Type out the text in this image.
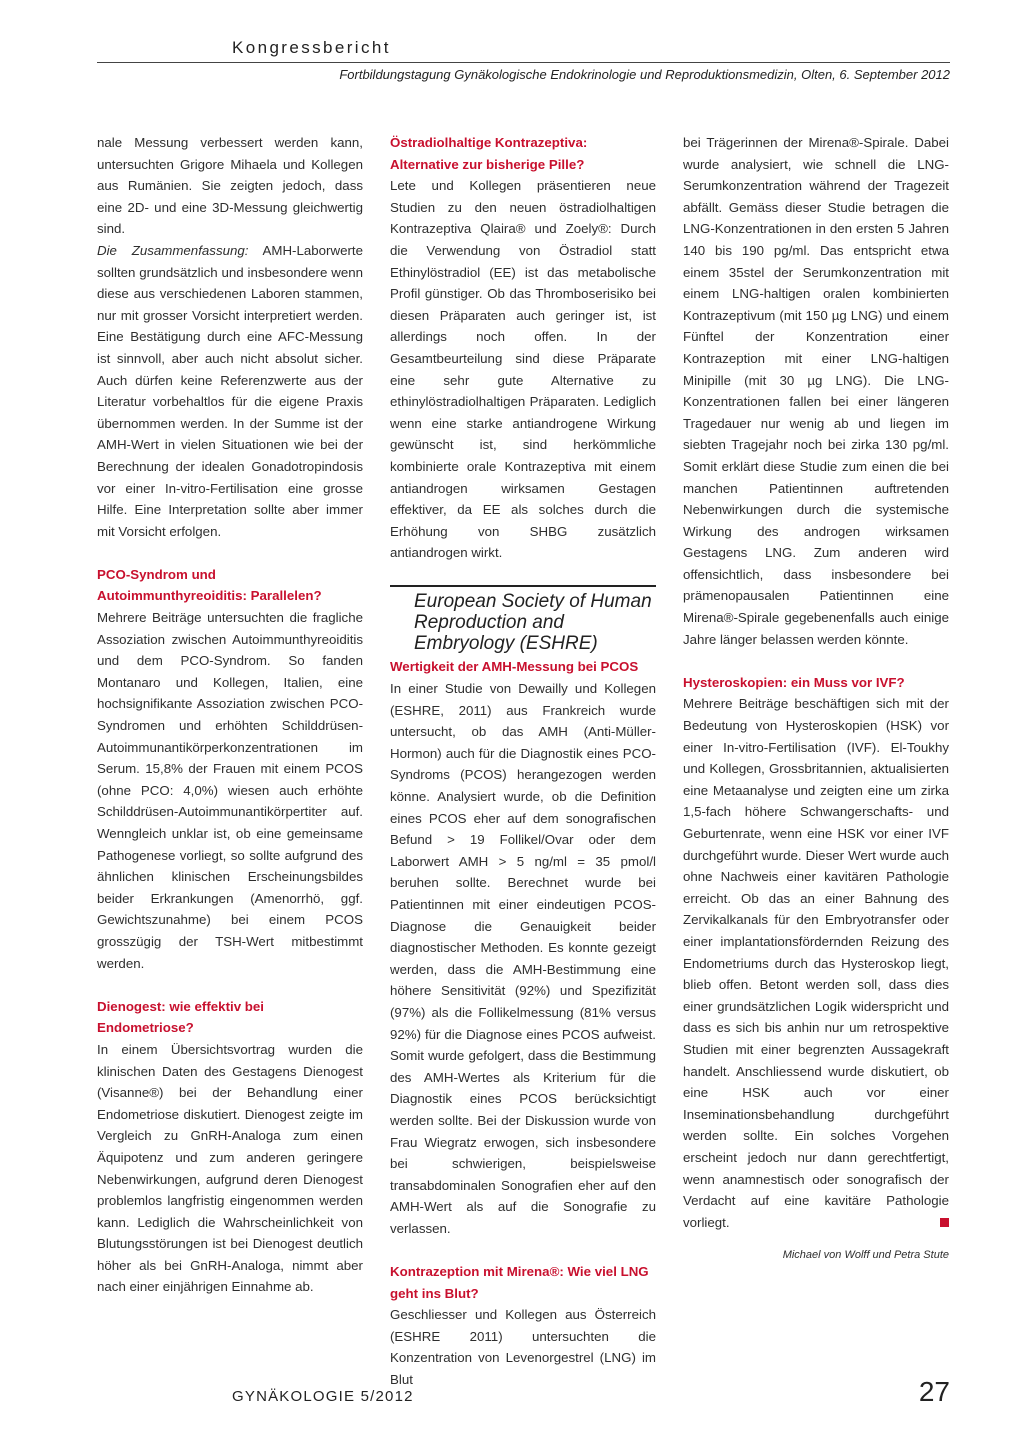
Kongressbericht
Fortbildungstagung Gynäkologische Endokrinologie und Reproduktionsmedizin, Olten, 6. September 2012

nale Messung verbessert werden kann, untersuchten Grigore Mihaela und Kollegen aus Rumänien. Sie zeigten jedoch, dass eine 2D- und eine 3D-Messung gleichwertig sind.

Die Zusammenfassung: AMH-Laborwerte sollten grundsätzlich und insbesondere wenn diese aus verschiedenen Laboren stammen, nur mit grosser Vorsicht interpretiert werden. Eine Bestätigung durch eine AFC-Messung ist sinnvoll, aber auch nicht absolut sicher. Auch dürfen keine Referenzwerte aus der Literatur vorbehaltlos für die eigene Praxis übernommen werden. In der Summe ist der AMH-Wert in vielen Situationen wie bei der Berechnung der idealen Gonadotropindosis vor einer In-vitro-Fertilisation eine grosse Hilfe. Eine Interpretation sollte aber immer mit Vorsicht erfolgen.

PCO-Syndrom und Autoimmunthyreoiditis: Parallelen?

Mehrere Beiträge untersuchten die fragliche Assoziation zwischen Autoimmunthyreoiditis und dem PCO-Syndrom. So fanden Montanaro und Kollegen, Italien, eine hochsignifikante Assoziation zwischen PCO-Syndromen und erhöhten Schilddrüsen-Autoimmunantikörperkonzentrationen im Serum. 15,8% der Frauen mit einem PCOS (ohne PCO: 4,0%) wiesen auch erhöhte Schilddrüsen-Autoimmunantikörpertiter auf. Wenngleich unklar ist, ob eine gemeinsame Pathogenese vorliegt, so sollte aufgrund des ähnlichen klinischen Erscheinungsbildes beider Erkrankungen (Amenorrhö, ggf. Gewichtszunahme) bei einem PCOS grosszügig der TSH-Wert mitbestimmt werden.

Dienogest: wie effektiv bei Endometriose?

In einem Übersichtsvortrag wurden die klinischen Daten des Gestagens Dienogest (Visanne®) bei der Behandlung einer Endometriose diskutiert. Dienogest zeigte im Vergleich zu GnRH-Analoga zum einen Äquipotenz und zum anderen geringere Nebenwirkungen, aufgrund deren Dienogest problemlos langfristig eingenommen werden kann. Lediglich die Wahrscheinlichkeit von Blutungsstörungen ist bei Dienogest deutlich höher als bei GnRH-Analoga, nimmt aber nach einer einjährigen Einnahme ab.

Östradiolhaltige Kontrazeptiva: Alternative zur bisherige Pille?

Lete und Kollegen präsentieren neue Studien zu den neuen östradiolhaltigen Kontrazeptiva Qlaira® und Zoely®: Durch die Verwendung von Östradiol statt Ethinylöstradiol (EE) ist das metabolische Profil günstiger. Ob das Thromboserisiko bei diesen Präparaten auch geringer ist, ist allerdings noch offen. In der Gesamtbeurteilung sind diese Präparate eine sehr gute Alternative zu ethinylöstradiolhaltigen Präparaten. Lediglich wenn eine starke antiandrogene Wirkung gewünscht ist, sind herkömmliche kombinierte orale Kontrazeptiva mit einem antiandrogen wirksamen Gestagen effektiver, da EE als solches durch die Erhöhung von SHBG zusätzlich antiandrogen wirkt.

European Society of Human Reproduction and Embryology (ESHRE)
Wertigkeit der AMH-Messung bei PCOS

In einer Studie von Dewailly und Kollegen (ESHRE, 2011) aus Frankreich wurde untersucht, ob das AMH (Anti-Müller-Hormon) auch für die Diagnostik eines PCO-Syndroms (PCOS) herangezogen werden könne. Analysiert wurde, ob die Definition eines PCOS eher auf dem sonografischen Befund > 19 Follikel/Ovar oder dem Laborwert AMH > 5 ng/ml = 35 pmol/l beruhen sollte. Berechnet wurde bei Patientinnen mit einer eindeutigen PCOS-Diagnose die Genauigkeit beider diagnostischer Methoden. Es konnte gezeigt werden, dass die AMH-Bestimmung eine höhere Sensitivität (92%) und Spezifizität (97%) als die Follikelmessung (81% versus 92%) für die Diagnose eines PCOS aufweist. Somit wurde gefolgert, dass die Bestimmung des AMH-Wertes als Kriterium für die Diagnostik eines PCOS berücksichtigt werden sollte. Bei der Diskussion wurde von Frau Wiegratz erwogen, sich insbesondere bei schwierigen, beispielsweise transabdominalen Sonografien eher auf den AMH-Wert als auf die Sonografie zu verlassen.

Kontrazeption mit Mirena®: Wie viel LNG geht ins Blut?

Geschliesser und Kollegen aus Österreich (ESHRE 2011) untersuchten die Konzentration von Levenorgestrel (LNG) im Blut

bei Trägerinnen der Mirena®-Spirale. Dabei wurde analysiert, wie schnell die LNG-Serumkonzentration während der Tragezeit abfällt. Gemäss dieser Studie betragen die LNG-Konzentrationen in den ersten 5 Jahren 140 bis 190 pg/ml. Das entspricht etwa einem 35stel der Serumkonzentration mit einem LNG-haltigen oralen kombinierten Kontrazeptivum (mit 150 µg LNG) und einem Fünftel der Konzentration einer Kontrazeption mit einer LNG-haltigen Minipille (mit 30 µg LNG). Die LNG-Konzentrationen fallen bei einer längeren Tragedauer nur wenig ab und liegen im siebten Tragejahr noch bei zirka 130 pg/ml. Somit erklärt diese Studie zum einen die bei manchen Patientinnen auftretenden Nebenwirkungen durch die systemische Wirkung des androgen wirksamen Gestagens LNG. Zum anderen wird offensichtlich, dass insbesondere bei prämenopausalen Patientinnen eine Mirena®-Spirale gegebenenfalls auch einige Jahre länger belassen werden könnte.

Hysteroskopien: ein Muss vor IVF?

Mehrere Beiträge beschäftigen sich mit der Bedeutung von Hysteroskopien (HSK) vor einer In-vitro-Fertilisation (IVF). El-Toukhy und Kollegen, Grossbritannien, aktualisierten eine Metaanalyse und zeigten eine um zirka 1,5-fach höhere Schwangerschafts- und Geburtenrate, wenn eine HSK vor einer IVF durchgeführt wurde. Dieser Wert wurde auch ohne Nachweis einer kavitären Pathologie erreicht. Ob das an einer Bahnung des Zervikalkanals für den Embryotransfer oder einer implantationsfördernden Reizung des Endometriums durch das Hysteroskop liegt, blieb offen. Betont werden soll, dass dies einer grundsätzlichen Logik widerspricht und dass es sich bis anhin nur um retrospektive Studien mit einer begrenzten Aussagekraft handelt. Anschliessend wurde diskutiert, ob eine HSK auch vor einer Inseminationsbehandlung durchgeführt werden sollte. Ein solches Vorgehen erscheint jedoch nur dann gerechtfertigt, wenn anamnestisch oder sonografisch der Verdacht auf eine kavitäre Pathologie vorliegt.

Michael von Wolff und Petra Stute
GYNÄKOLOGIE 5/2012	27
